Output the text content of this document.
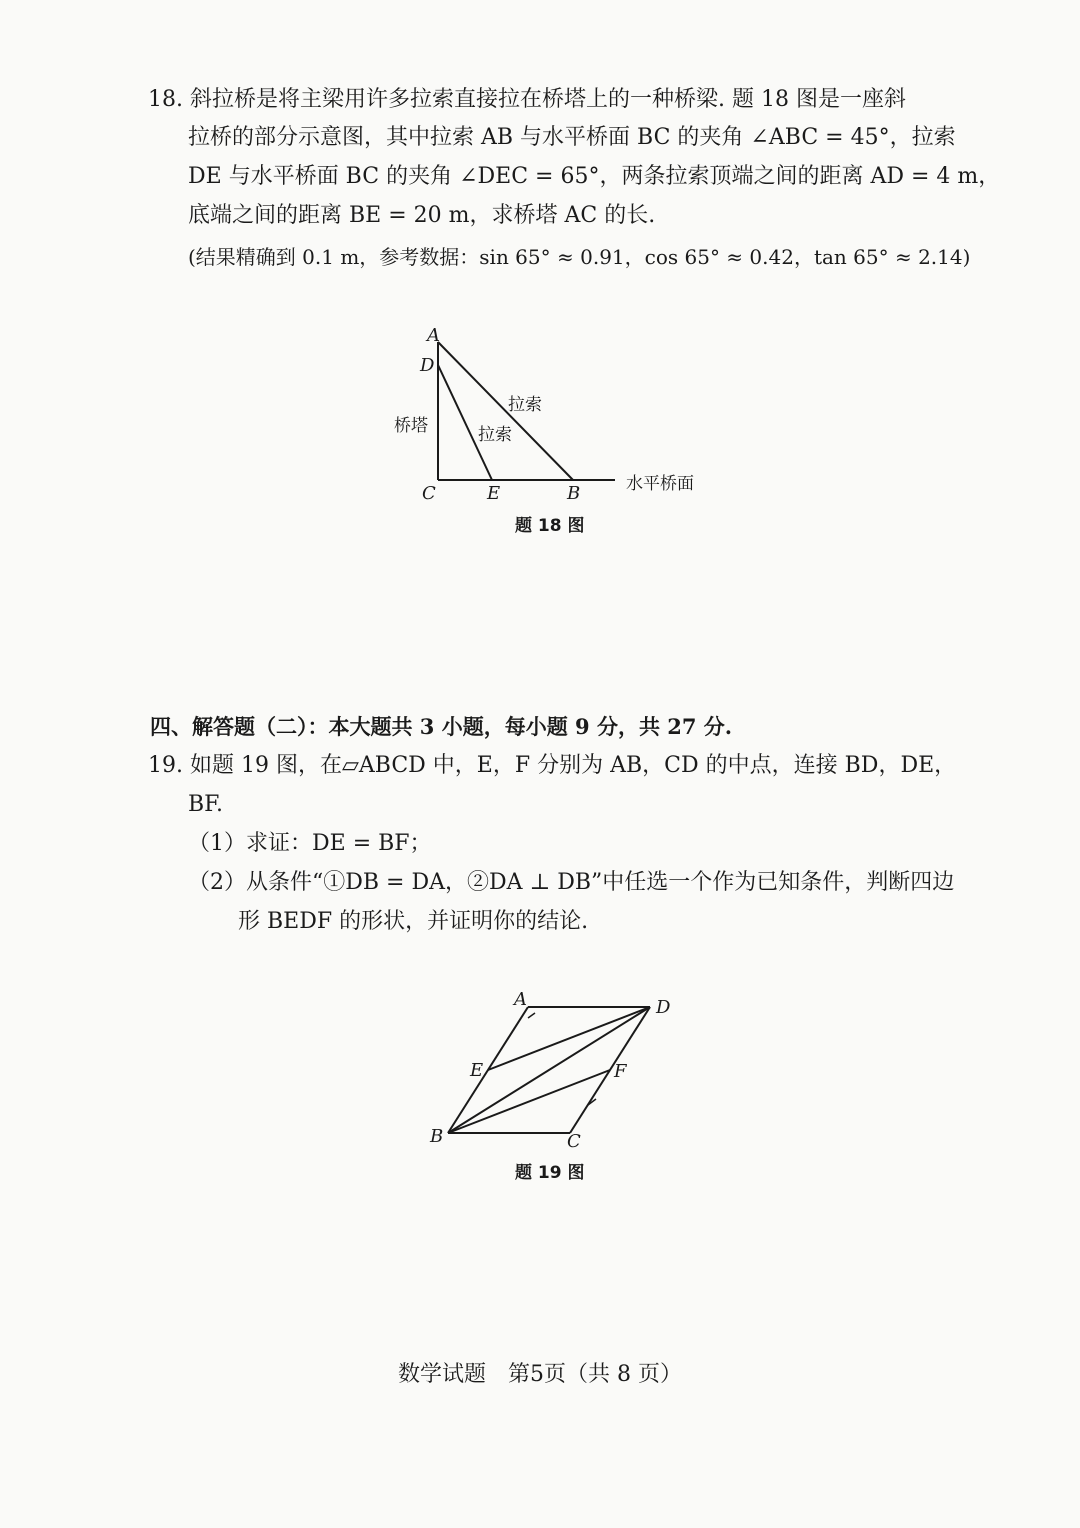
18. 斜拉桥是将主梁用许多拉索直接拉在桥塔上的一种桥梁. 题 18 图是一座斜
拉桥的部分示意图，其中拉索 AB 与水平桥面 BC 的夹角 ∠ABC = 45°，拉索
DE 与水平桥面 BC 的夹角 ∠DEC = 65°，两条拉索顶端之间的距离 AD = 4 m，
底端之间的距离 BE = 20 m，求桥塔 AC 的长.
(结果精确到 0.1 m，参考数据：sin 65° ≈ 0.91，cos 65° ≈ 0.42，tan 65° ≈ 2.14)
A
D
C	E	B
桥塔
拉索
拉索
水平桥面
题 18 图
四、解答题（二）：本大题共 3 小题，每小题 9 分，共 27 分.
19. 如题 19 图，在▱ABCD 中，E，F 分别为 AB，CD 的中点，连接 BD，DE，
BF.
（1）求证：DE = BF；
（2）从条件“①DB = DA，②DA ⊥ DB”中任选一个作为已知条件，判断四边
形 BEDF 的形状，并证明你的结论.
A	D
E	F
B	C
题 19 图
数学试题　第5页（共 8 页）
